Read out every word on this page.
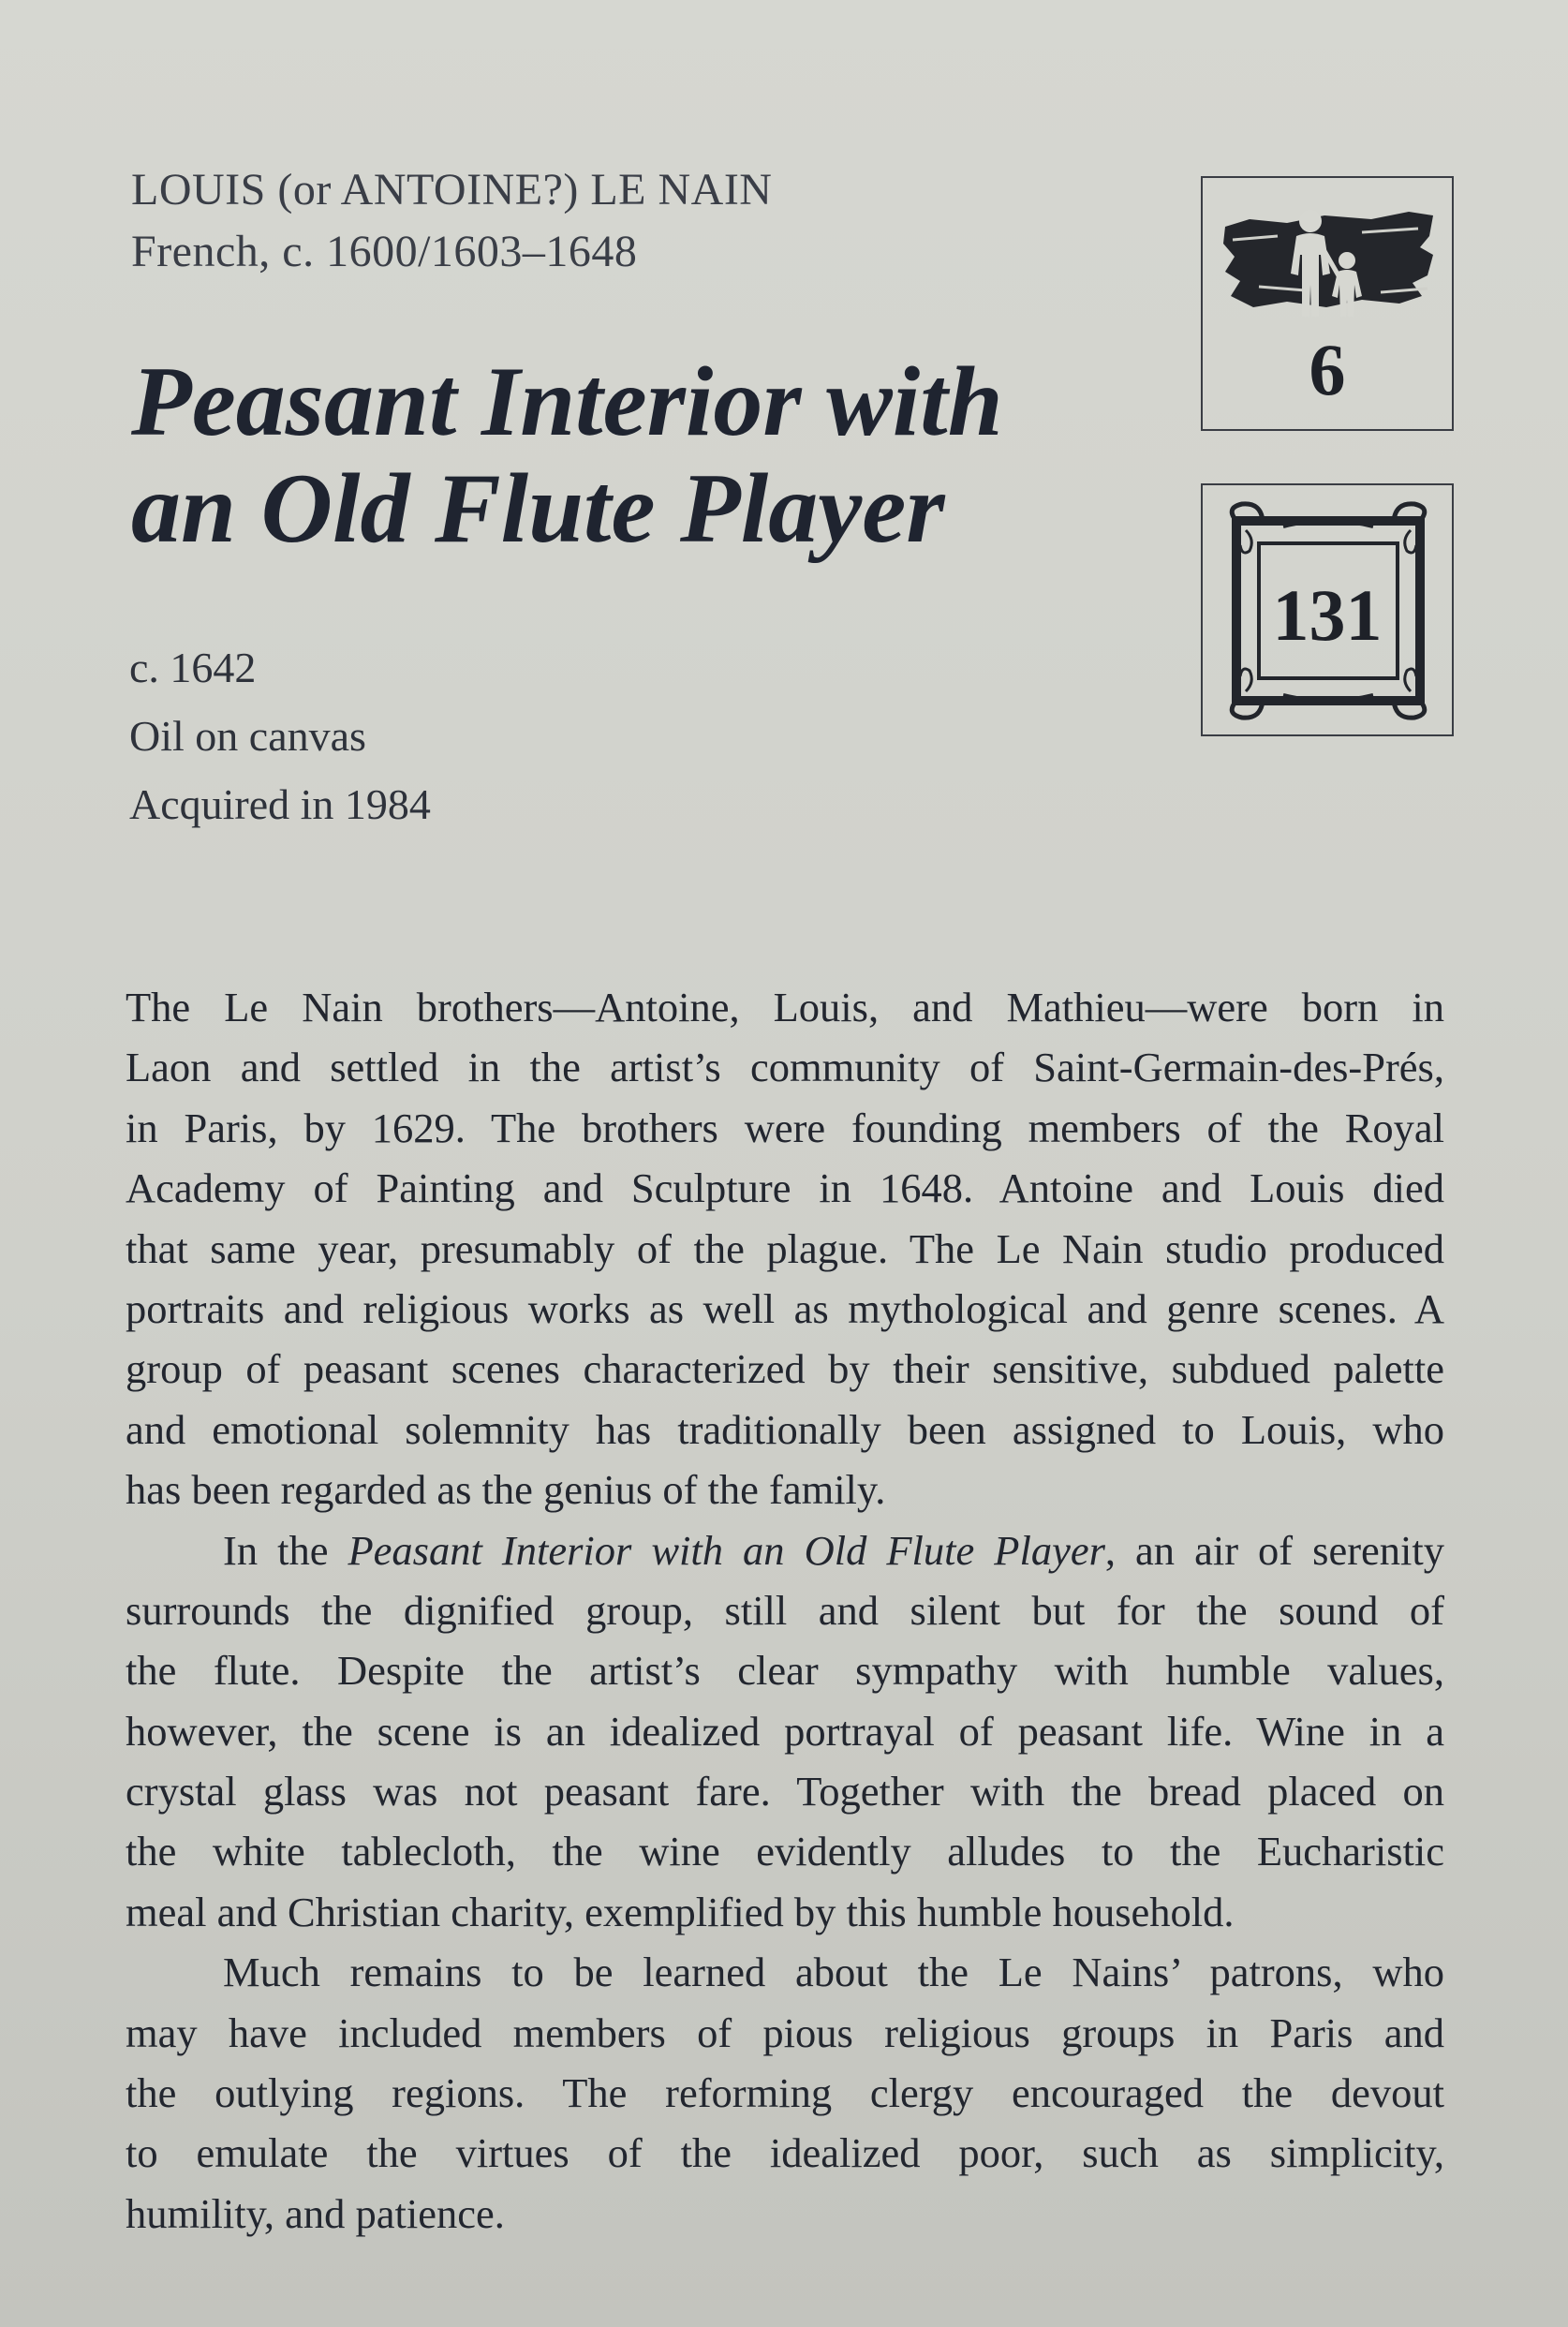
LOUIS (or ANTOINE?) LE NAIN
French, c. 1600/1603–1648
Peasant Interior with
an Old Flute Player
c. 1642
Oil on canvas
Acquired in 1984
6
131
The Le Nain brothers—Antoine, Louis, and Mathieu—were born in
Laon and settled in the artist’s community of Saint-Germain-des-Prés,
in Paris, by 1629. The brothers were founding members of the Royal
Academy of Painting and Sculpture in 1648. Antoine and Louis died
that same year, presumably of the plague. The Le Nain studio produced
portraits and religious works as well as mythological and genre scenes. A
group of peasant scenes characterized by their sensitive, subdued palette
and emotional solemnity has traditionally been assigned to Louis, who
has been regarded as the genius of the family.
In the Peasant Interior with an Old Flute Player, an air of serenity
surrounds the dignified group, still and silent but for the sound of
the flute. Despite the artist’s clear sympathy with humble values,
however, the scene is an idealized portrayal of peasant life. Wine in a
crystal glass was not peasant fare. Together with the bread placed on
the white tablecloth, the wine evidently alludes to the Eucharistic
meal and Christian charity, exemplified by this humble household.
Much remains to be learned about the Le Nains’ patrons, who
may have included members of pious religious groups in Paris and
the outlying regions. The reforming clergy encouraged the devout
to emulate the virtues of the idealized poor, such as simplicity,
humility, and patience.
